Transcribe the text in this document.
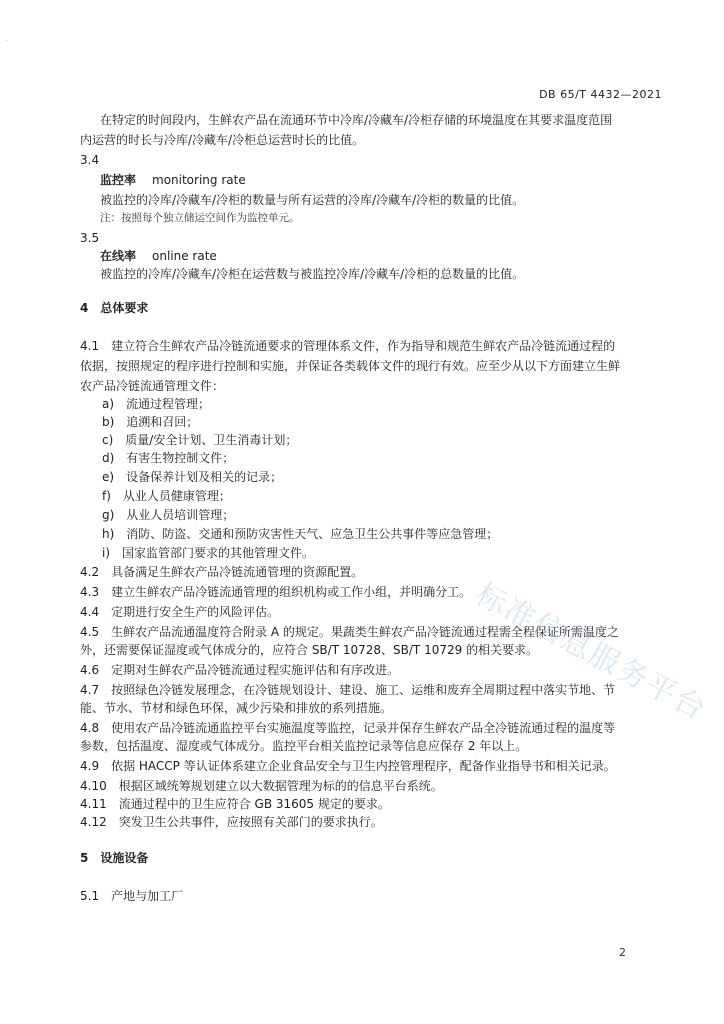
·
DB 65/T 4432—2021
在特定的时间段内，生鲜农产品在流通环节中冷库/冷藏车/冷柜存储的环境温度在其要求温度范围
内运营的时长与冷库/冷藏车/冷柜总运营时长的比值。
3.4
监控率 monitoring rate
被监控的冷库/冷藏车/冷柜的数量与所有运营的冷库/冷藏车/冷柜的数量的比值。
注：按照每个独立储运空间作为监控单元。
3.5
在线率 online rate
被监控的冷库/冷藏车/冷柜在运营数与被监控冷库/冷藏车/冷柜的总数量的比值。
4　总体要求
4.1　建立符合生鲜农产品冷链流通要求的管理体系文件，作为指导和规范生鲜农产品冷链流通过程的
依据，按照规定的程序进行控制和实施，并保证各类载体文件的现行有效。应至少从以下方面建立生鲜
农产品冷链流通管理文件：
a)　流通过程管理；
b)　追溯和召回；
c)　质量/安全计划、卫生消毒计划；
d)　有害生物控制文件；
e)　设备保养计划及相关的记录；
f)　从业人员健康管理；
g)　从业人员培训管理；
h)　消防、防盗、交通和预防灾害性天气、应急卫生公共事件等应急管理；
i)　国家监管部门要求的其他管理文件。
4.2　具备满足生鲜农产品冷链流通管理的资源配置。
4.3　建立生鲜农产品冷链流通管理的组织机构或工作小组，并明确分工。
4.4　定期进行安全生产的风险评估。
4.5　生鲜农产品流通温度符合附录 A 的规定。果蔬类生鲜农产品冷链流通过程需全程保证所需温度之
外，还需要保证湿度或气体成分的，应符合 SB/T 10728、SB/T 10729 的相关要求。
4.6　定期对生鲜农产品冷链流通过程实施评估和有序改进。
4.7　按照绿色冷链发展理念，在冷链规划设计、建设、施工、运维和废弃全周期过程中落实节地、节
能、节水、节材和绿色环保，减少污染和排放的系列措施。
4.8　使用农产品冷链流通监控平台实施温度等监控，记录并保存生鲜农产品全冷链流通过程的温度等
参数，包括温度、湿度或气体成分。监控平台相关监控记录等信息应保存 2 年以上。
4.9　依据 HACCP 等认证体系建立企业食品安全与卫生内控管理程序，配备作业指导书和相关记录。
4.10　根据区域统筹规划建立以大数据管理为标的的信息平台系统。
4.11　流通过程中的卫生应符合 GB 31605 规定的要求。
4.12　突发卫生公共事件，应按照有关部门的要求执行。
5　设施设备
5.1　产地与加工厂
标准信息服务平台
2
